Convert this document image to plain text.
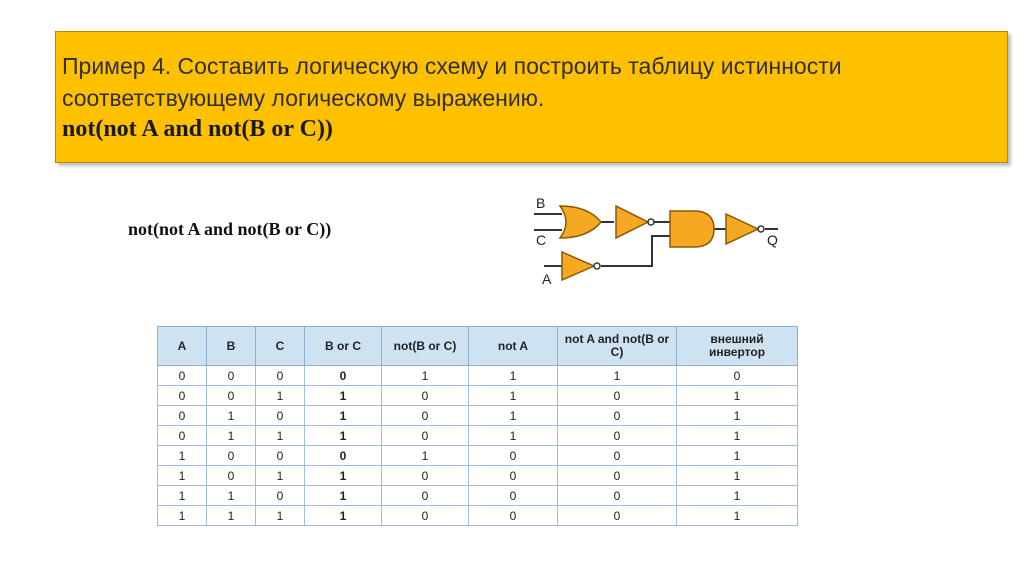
Пример 4. Составить логическую схему и построить таблицу истинности
соответствующему логическому выражению.
not(not A and not(B or C))
not(not A and not(B or C))
B
C
A
Q
A	B	C	B or C	not(B or C)	not A	not A and not(B or C)	внешний инвертор
0	0	0	0	1	1	1	0
0	0	1	1	0	1	0	1
0	1	0	1	0	1	0	1
0	1	1	1	0	1	0	1
1	0	0	0	1	0	0	1
1	0	1	1	0	0	0	1
1	1	0	1	0	0	0	1
1	1	1	1	0	0	0	1
